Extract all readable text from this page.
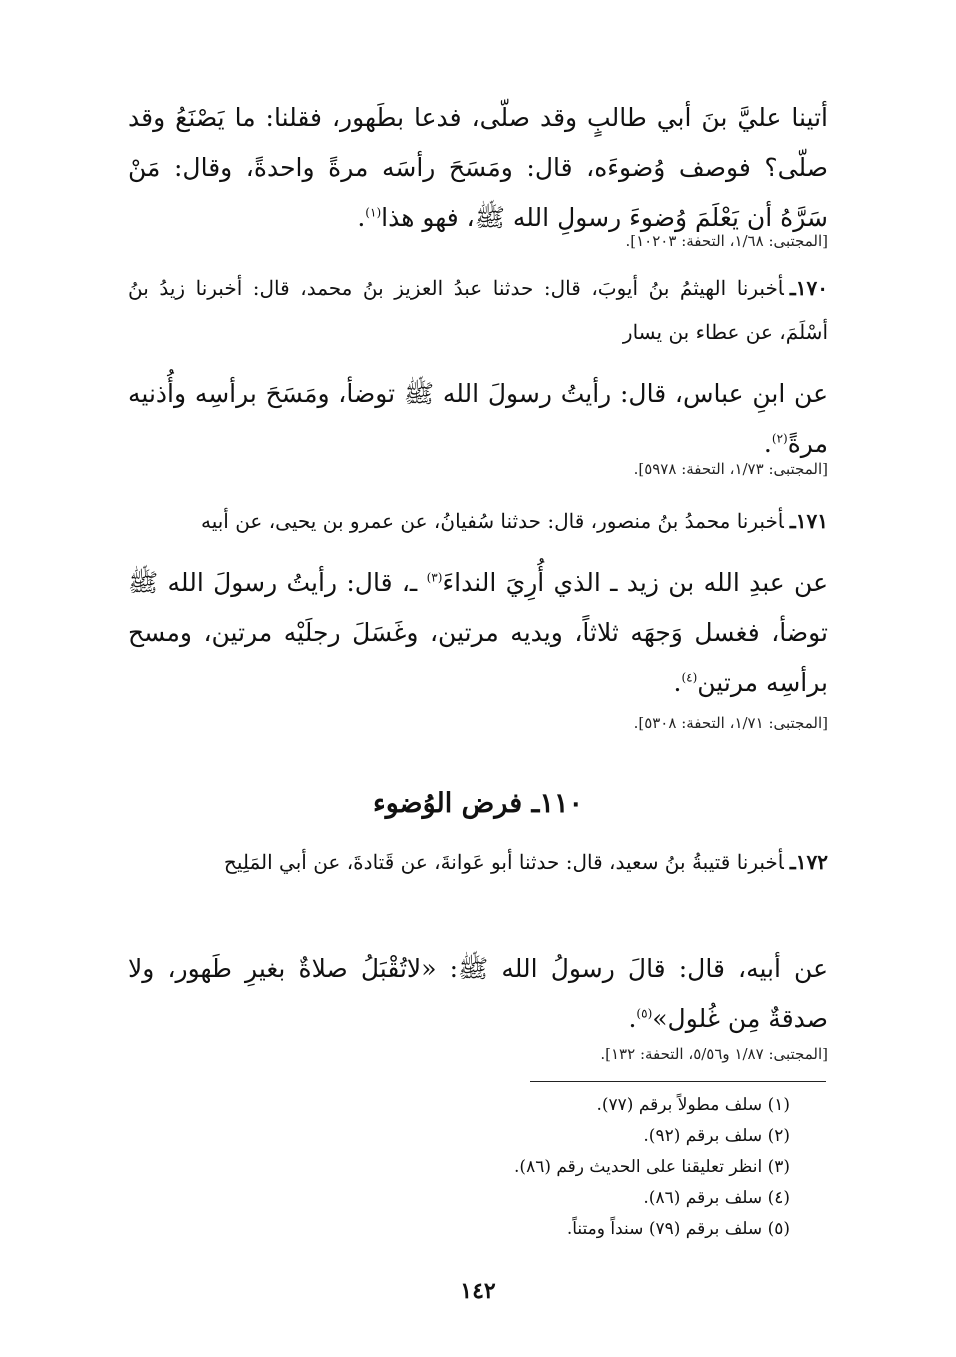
أتينا عليَّ بنَ أبي طالبٍ وقد صلّى، فدعا بطَهور، فقلنا: ما يَصْنَعُ وقد صلّى؟ فوصف وُضوءَه، قال: ومَسَحَ رأسَه مرةً واحدةً، وقال: مَنْ سَرَّهُ أن يَعْلَمَ وُضوءَ رسولِ الله ﷺ، فهو هذا$^{(١)}$.
[المجتبى: ١/٦٨، التحفة: ١٠٢٠٣].
١٧٠ـأخبرنا الهيثمُ بنُ أيوبَ، قال: حدثنا عبدُ العزيز بنُ محمد، قال: أخبرنا زيدُ بنُ أسْلَمَ، عن عطاء بن يسار
عن ابنِ عباس، قال: رأيتُ رسولَ الله ﷺ توضأ، ومَسَحَ برأسِه وأُذنيه مرةً$^{(٢)}$.
[المجتبى: ١/٧٣، التحفة: ٥٩٧٨].
١٧١ـأخبرنا محمدُ بنُ منصور، قال: حدثنا سُفيانُ، عن عمرو بن يحيى، عن أبيه
عن عبدِ الله بن زيد ـ الذي أُرِيَ النداءَ$^{(٣)}$ ـ، قال: رأيتُ رسولَ الله ﷺ توضأ، فغسل وَجهَه ثلاثاً، ويديه مرتين، وغَسَلَ رجلَيْه مرتين، ومسح برأسِه مرتين$^{(٤)}$.
[المجتبى: ١/٧١، التحفة: ٥٣٠٨].
١١٠ـ فرض الوُضوء
١٧٢ـأخبرنا قتيبةُ بنُ سعيد، قال: حدثنا أبو عَوانةَ، عن قَتادةَ، عن أبي المَلِيح
عن أبيه، قال: قالَ رسولُ الله ﷺ: «لاتُقْبَلُ صلاةٌ بغيرِ طَهور، ولا صدقةٌ مِن غُلول»$^{(٥)}$.
[المجتبى: ١/٨٧ و٥/٥٦، التحفة: ١٣٢].
(١) سلف مطولاً برقم (٧٧).
(٢) سلف برقم (٩٢).
(٣) انظر تعليقنا على الحديث رقم (٨٦).
(٤) سلف برقم (٨٦).
(٥) سلف برقم (٧٩) سنداً ومتناً.
١٤٢
